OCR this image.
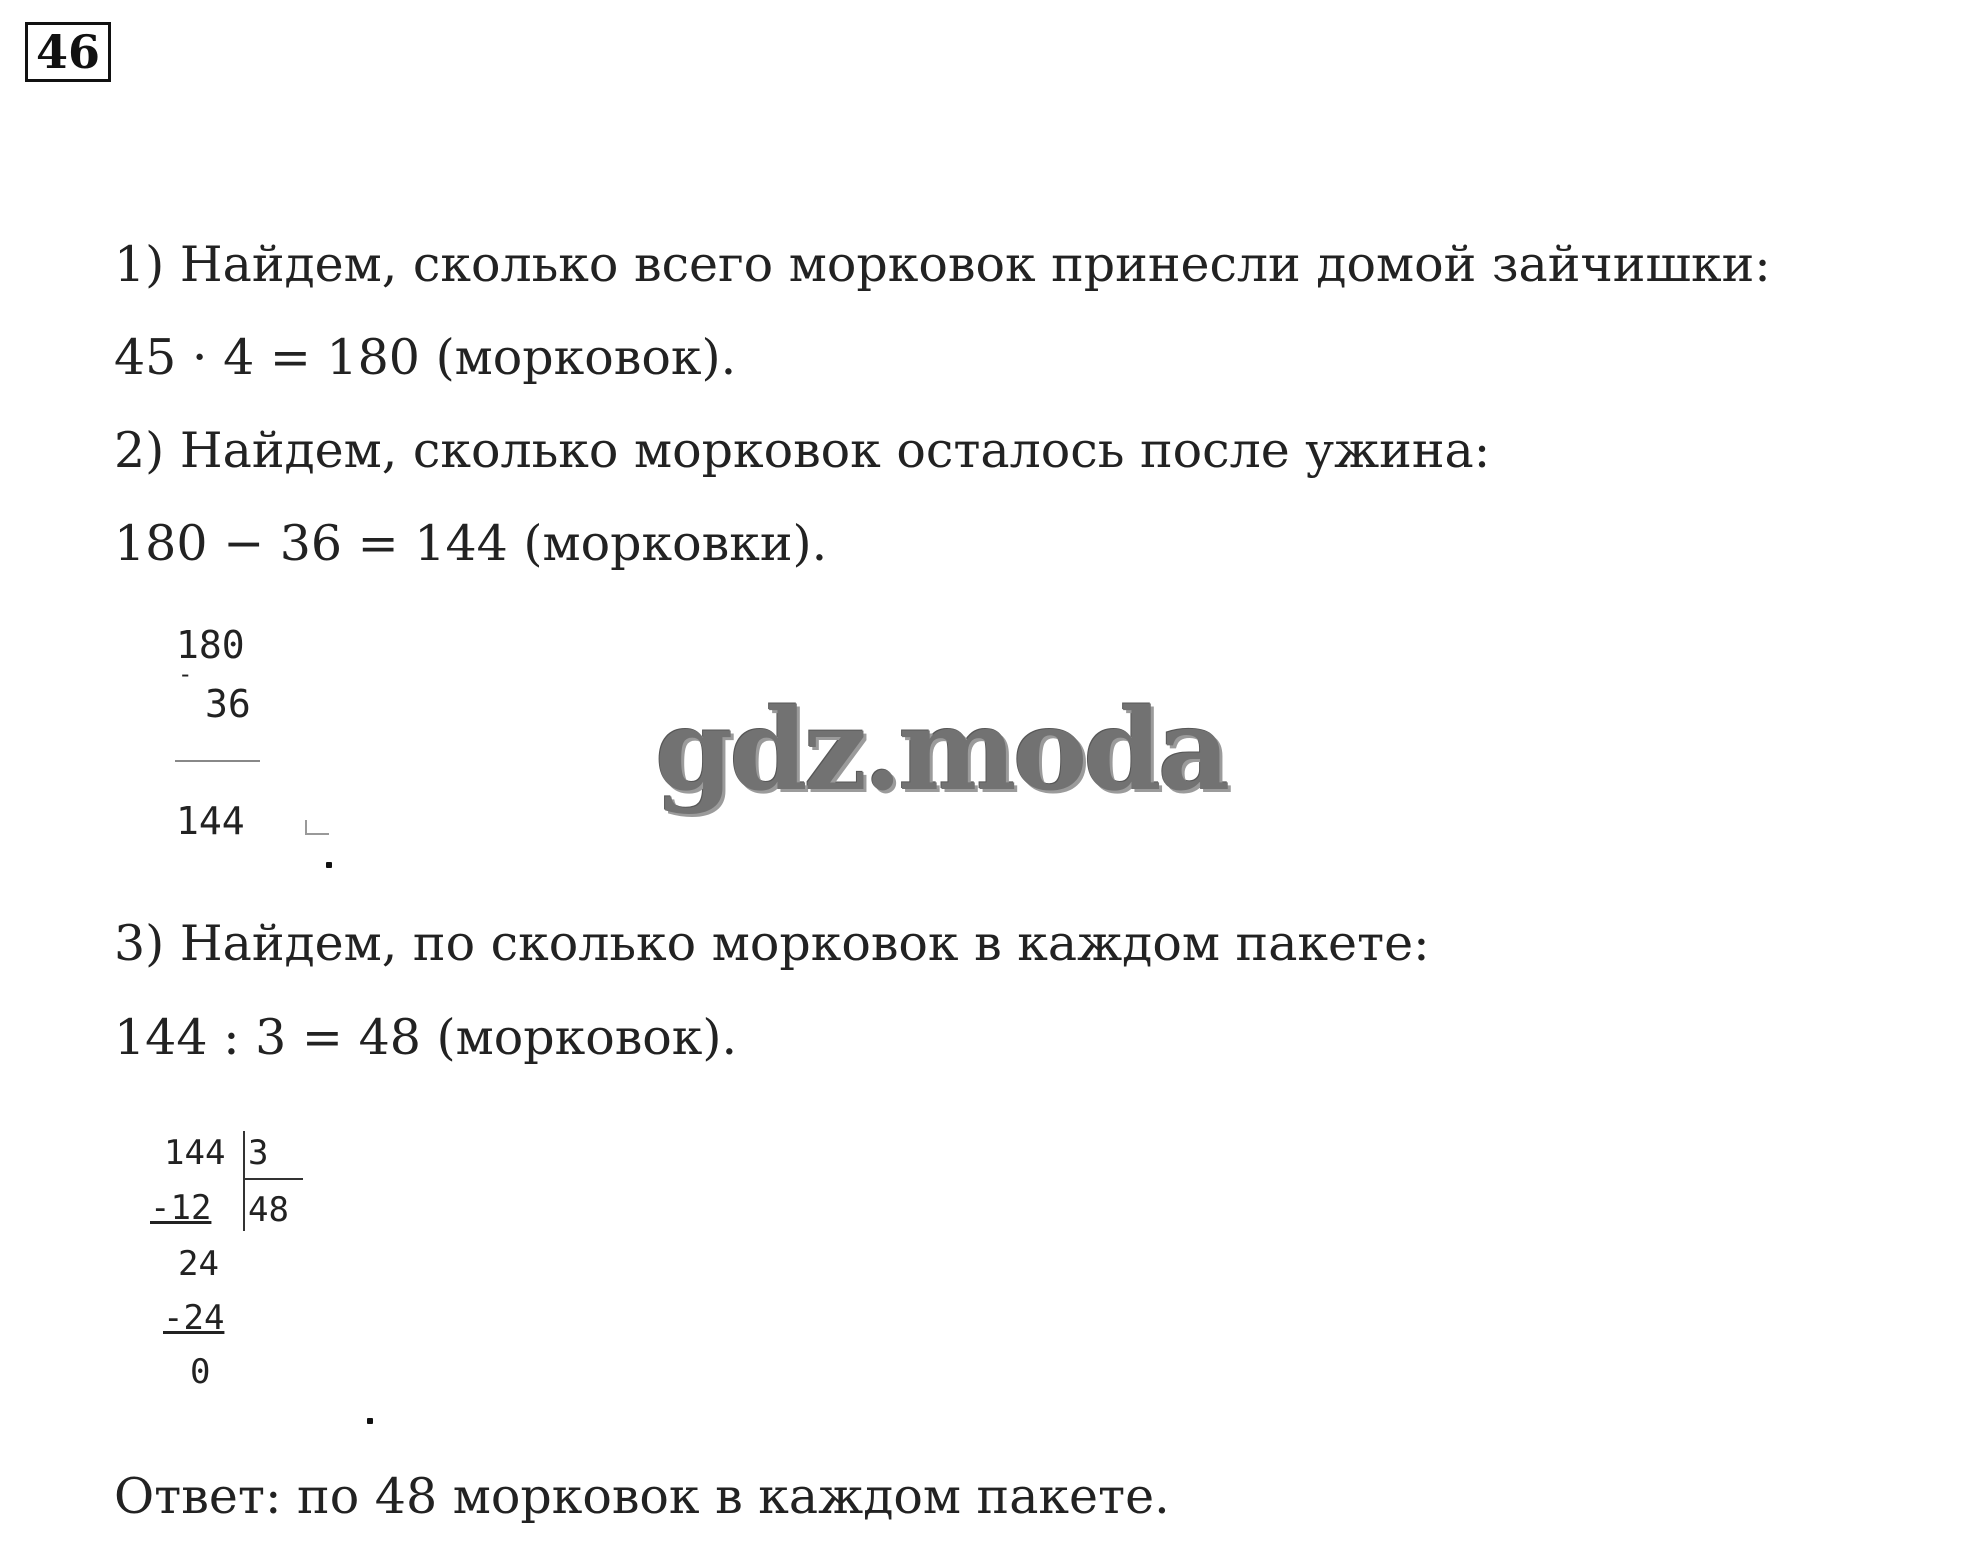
46
1) Найдем, сколько всего морковок принесли домой зайчишки:
45 · 4 = 180 (морковок).
2) Найдем, сколько морковок осталось после ужина:
180 − 36 = 144 (морковки).
180
-
36
144
gdz.moda
3) Найдем, по сколько морковок в каждом пакете:
144 : 3 = 48 (морковок).
144 3
-12 48
24
-24
0
Ответ: по 48 морковок в каждом пакете.
